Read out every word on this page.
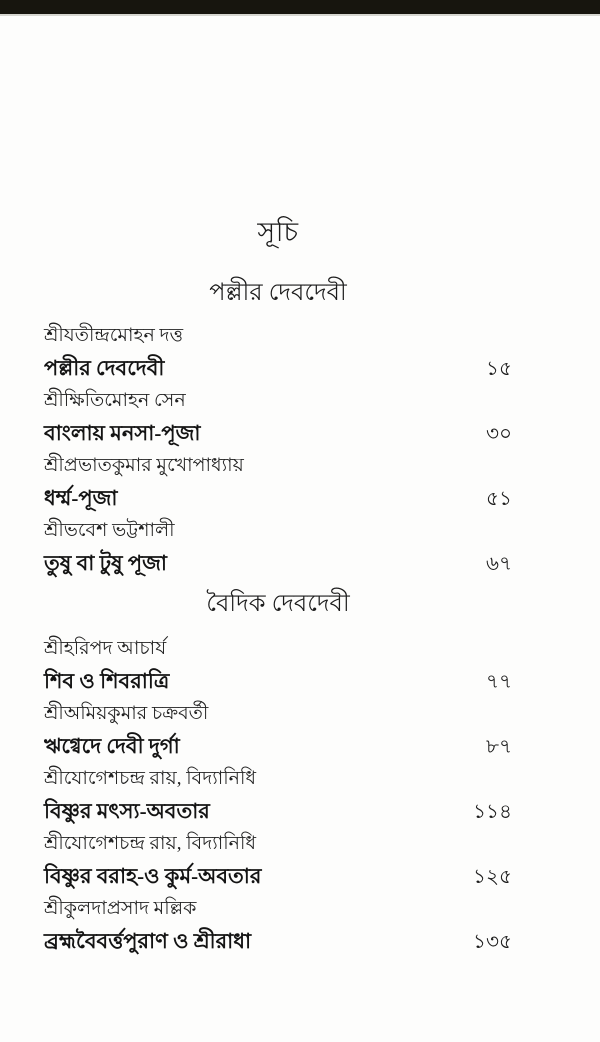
সূচি
পল্লীর দেবদেবী
শ্রীযতীন্দ্রমোহন দত্ত
পল্লীর দেবদেবী	১৫
শ্রীক্ষিতিমোহন সেন
বাংলায় মনসা-পূজা	৩০
শ্রীপ্রভাতকুমার মুখোপাধ্যায়
ধর্ম্ম-পূজা	৫১
শ্রীভবেশ ভট্টশালী
তুষু বা টুষু পূজা	৬৭
বৈদিক দেবদেবী
শ্রীহরিপদ আচার্য
শিব ও শিবরাত্রি	৭৭
শ্রীঅমিয়কুমার চক্রবর্তী
ঋগ্বেদে দেবী দুর্গা	৮৭
শ্রীযোগেশচন্দ্র রায়, বিদ্যানিধি
বিষ্ণুর মৎস্য-অবতার	১১৪
শ্রীযোগেশচন্দ্র রায়, বিদ্যানিধি
বিষ্ণুর বরাহ-ও কুর্ম-অবতার	১২৫
শ্রীকুলদাপ্রসাদ মল্লিক
ব্রহ্মবৈবর্ত্তপুরাণ ও শ্রীরাধা	১৩৫
